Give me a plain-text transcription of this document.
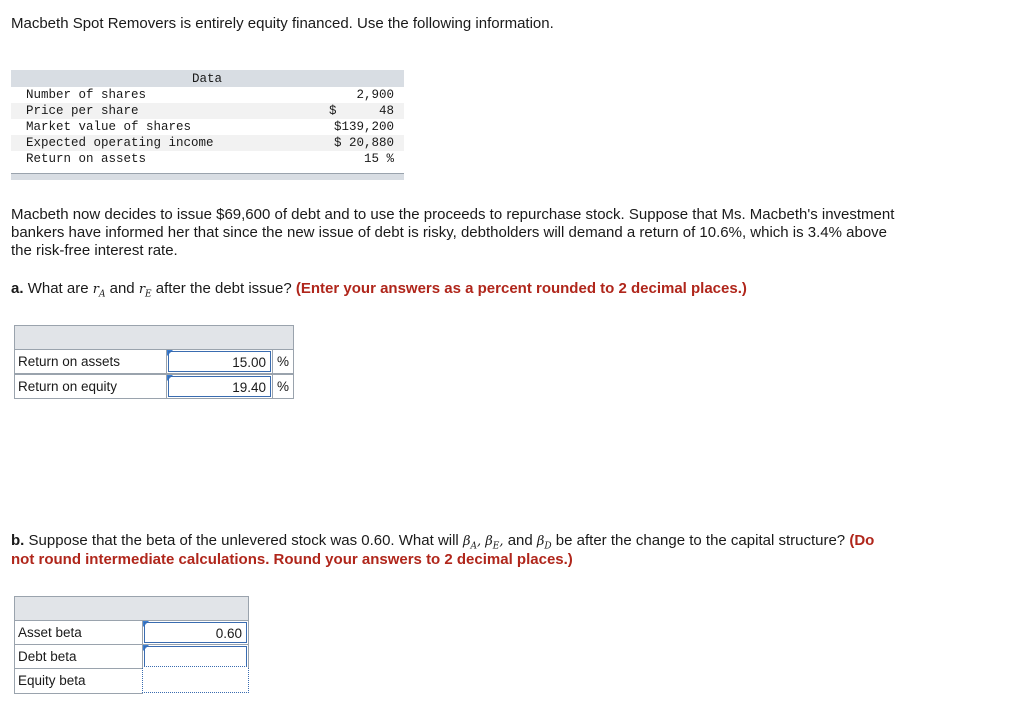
Macbeth Spot Removers is entirely equity financed. Use the following information.
Data
Number of shares	2,900
Price per share	$	48
Market value of shares	$139,200
Expected operating income	$ 20,880
Return on assets	15 %
Macbeth now decides to issue $69,600 of debt and to use the proceeds to repurchase stock. Suppose that Ms. Macbeth's investment
bankers have informed her that since the new issue of debt is risky, debtholders will demand a return of 10.6%, which is 3.4% above
the risk-free interest rate.
a. What are $r_A$ and $r_E$ after the debt issue? (Enter your answers as a percent rounded to 2 decimal places.)
Return on assets	15.00 %
Return on equity	19.40 %
b. Suppose that the beta of the unlevered stock was 0.60. What will $\beta_A$, $\beta_E$, and $\beta_D$ be after the change to the capital structure? (Do
not round intermediate calculations. Round your answers to 2 decimal places.)
Asset beta	0.60
Debt beta
Equity beta
